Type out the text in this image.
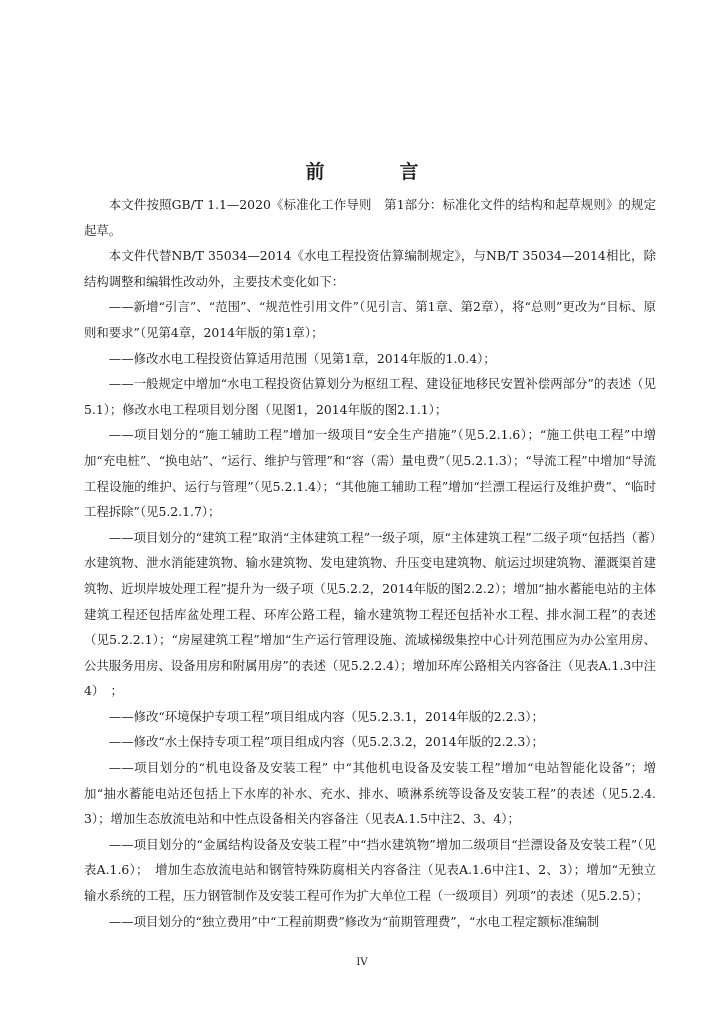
前　言

本文件按照GB/T 1.1—2020《标准化工作导则　第1部分：标准化文件的结构和起草规则》的规定起草。

本文件代替NB/T 35034—2014《水电工程投资估算编制规定》，与NB/T 35034—2014相比，除结构调整和编辑性改动外，主要技术变化如下：

——新增“引言”、“范围”、“规范性引用文件”（见引言、第1章、第2章），将“总则”更改为“目标、原则和要求”（见第4章，2014年版的第1章）；

——修改水电工程投资估算适用范围（见第1章，2014年版的1.0.4）；

——一般规定中增加“水电工程投资估算划分为枢纽工程、建设征地移民安置补偿两部分”的表述（见5.1）；修改水电工程项目划分图（见图1，2014年版的图2.1.1）；

——项目划分的“施工辅助工程”增加一级项目“安全生产措施”（见5.2.1.6）；“施工供电工程”中增加“充电桩”、“换电站”、“运行、维护与管理”和“容（需）量电费”（见5.2.1.3）；“导流工程”中增加“导流工程设施的维护、运行与管理”（见5.2.1.4）；“其他施工辅助工程”增加“拦漂工程运行及维护费”、“临时工程拆除”（见5.2.1.7）；

——项目划分的“建筑工程”取消“主体建筑工程”一级子项，原“主体建筑工程”二级子项“包括挡（蓄）水建筑物、泄水消能建筑物、输水建筑物、发电建筑物、升压变电建筑物、航运过坝建筑物、灌溉渠首建筑物、近坝岸坡处理工程”提升为一级子项（见5.2.2，2014年版的图2.2.2）；增加“抽水蓄能电站的主体建筑工程还包括库盆处理工程、环库公路工程，输水建筑物工程还包括补水工程、排水洞工程”的表述（见5.2.2.1）；“房屋建筑工程”增加“生产运行管理设施、流域梯级集控中心计列范围应为办公室用房、公共服务用房、设备用房和附属用房”的表述（见5.2.2.4）；增加环库公路相关内容备注（见表A.1.3中注4）　；

——修改“环境保护专项工程”项目组成内容（见5.2.3.1，2014年版的2.2.3）；

——修改“水土保持专项工程”项目组成内容（见5.2.3.2，2014年版的2.2.3）；

——项目划分的“机电设备及安装工程” 中“其他机电设备及安装工程”增加“电站智能化设备”；增加“抽水蓄能电站还包括上下水库的补水、充水、排水、喷淋系统等设备及安装工程”的表述（见5.2.4.3）；增加生态放流电站和中性点设备相关内容备注（见表A.1.5中注2、3、4）；

——项目划分的“金属结构设备及安装工程”中“挡水建筑物”增加二级项目“拦漂设备及安装工程”（见表A.1.6）；　增加生态放流电站和钢管特殊防腐相关内容备注（见表A.1.6中注1、2、3）；增加“无独立输水系统的工程，压力钢管制作及安装工程可作为扩大单位工程（一级项目）列项”的表述（见5.2.5）；

——项目划分的“独立费用”中“工程前期费”修改为“前期管理费”，“水电工程定额标准编制

IV
